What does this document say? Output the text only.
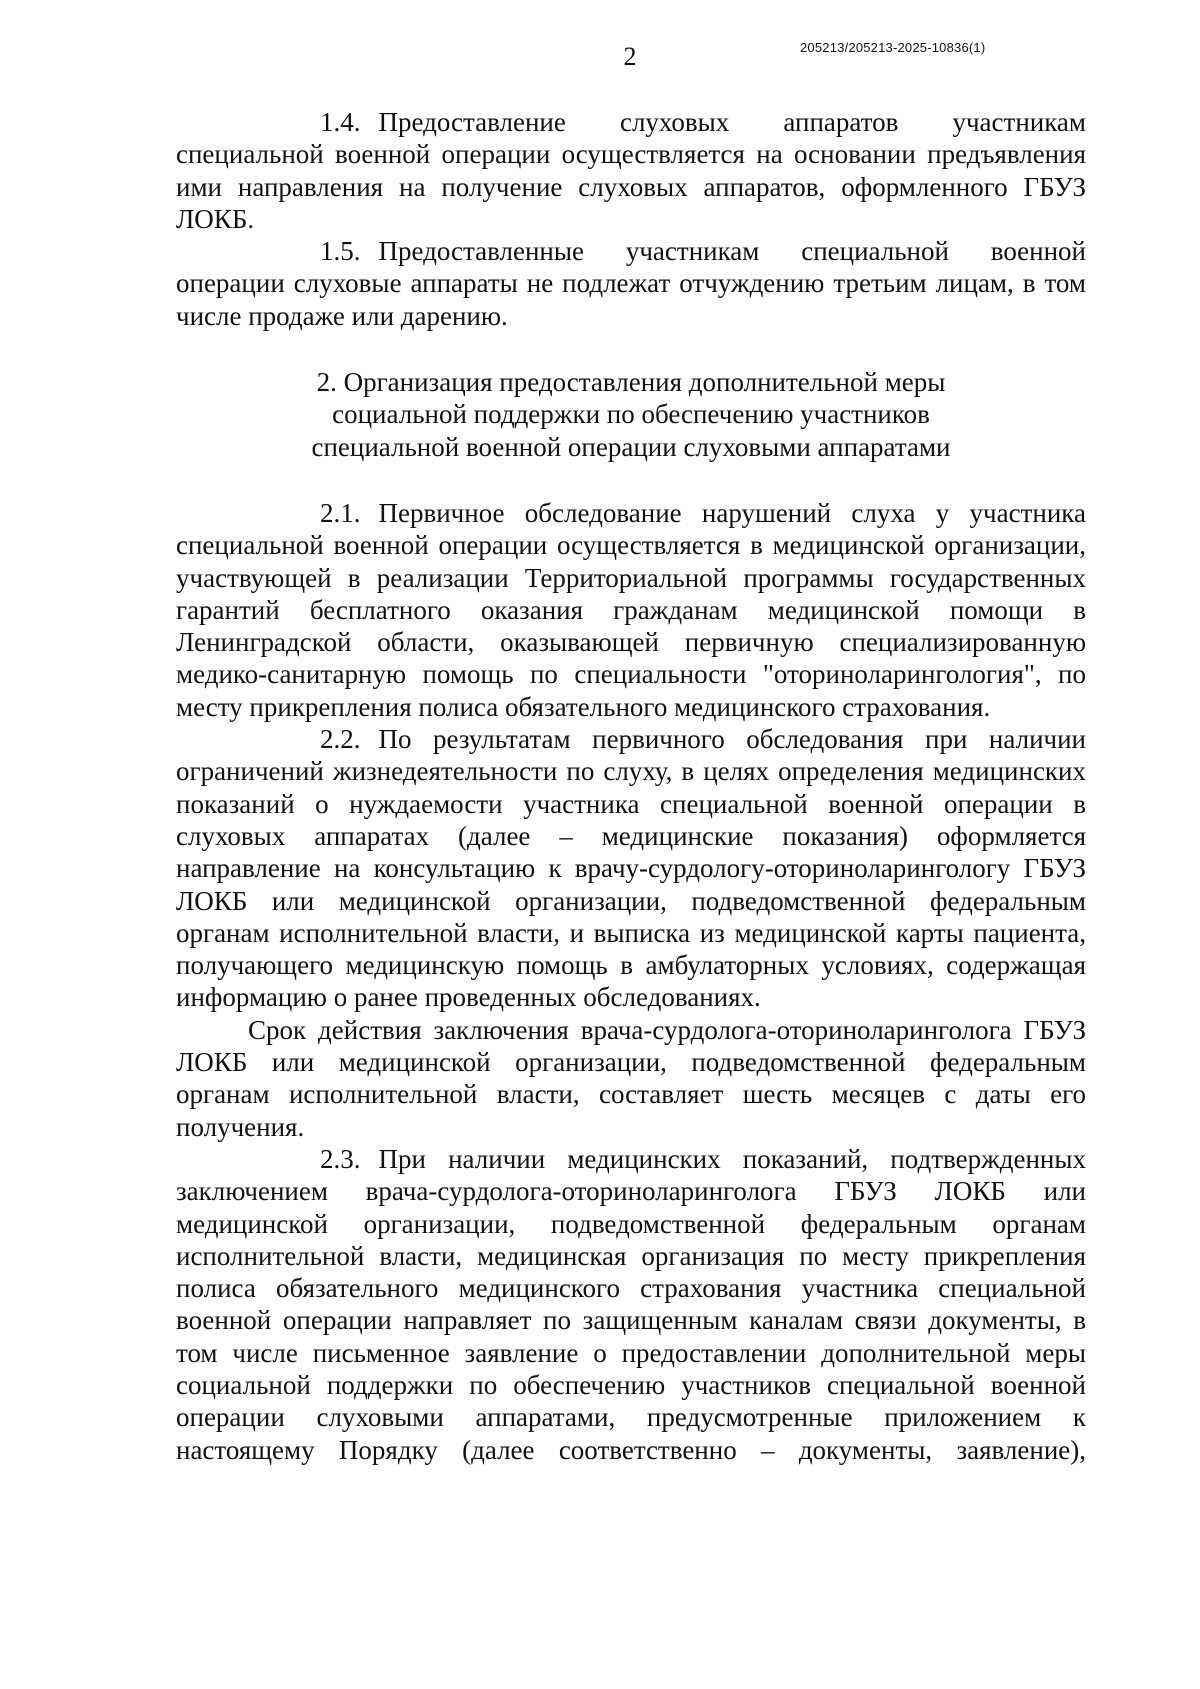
2	205213/205213-2025-10836(1)

1.4. Предоставление слуховых аппаратов участникам специальной военной операции осуществляется на основании предъявления ими направления на получение слуховых аппаратов, оформленного ГБУЗ ЛОКБ.

1.5. Предоставленные участникам специальной военной операции слуховые аппараты не подлежат отчуждению третьим лицам, в том числе продаже или дарению.

2. Организация предоставления дополнительной меры
социальной поддержки по обеспечению участников
специальной военной операции слуховыми аппаратами

2.1. Первичное обследование нарушений слуха у участника специальной военной операции осуществляется в медицинской организации, участвующей в реализации Территориальной программы государственных гарантий бесплатного оказания гражданам медицинской помощи в Ленинградской области, оказывающей первичную специализированную медико-санитарную помощь по специальности "оториноларингология", по месту прикрепления полиса обязательного медицинского страхования.

2.2. По результатам первичного обследования при наличии ограничений жизнедеятельности по слуху, в целях определения медицинских показаний о нуждаемости участника специальной военной операции в слуховых аппаратах (далее – медицинские показания) оформляется направление на консультацию к врачу-сурдологу-оториноларингологу ГБУЗ ЛОКБ или медицинской организации, подведомственной федеральным органам исполнительной власти, и выписка из медицинской карты пациента, получающего медицинскую помощь в амбулаторных условиях, содержащая информацию о ранее проведенных обследованиях.

Срок действия заключения врача-сурдолога-оториноларинголога ГБУЗ ЛОКБ или медицинской организации, подведомственной федеральным органам исполнительной власти, составляет шесть месяцев с даты его получения.

2.3. При наличии медицинских показаний, подтвержденных заключением врача-сурдолога-оториноларинголога ГБУЗ ЛОКБ или медицинской организации, подведомственной федеральным органам исполнительной власти, медицинская организация по месту прикрепления полиса обязательного медицинского страхования участника специальной военной операции направляет по защищенным каналам связи документы, в том числе письменное заявление о предоставлении дополнительной меры социальной поддержки по обеспечению участников специальной военной операции слуховыми аппаратами, предусмотренные приложением к настоящему Порядку (далее соответственно – документы, заявление),
